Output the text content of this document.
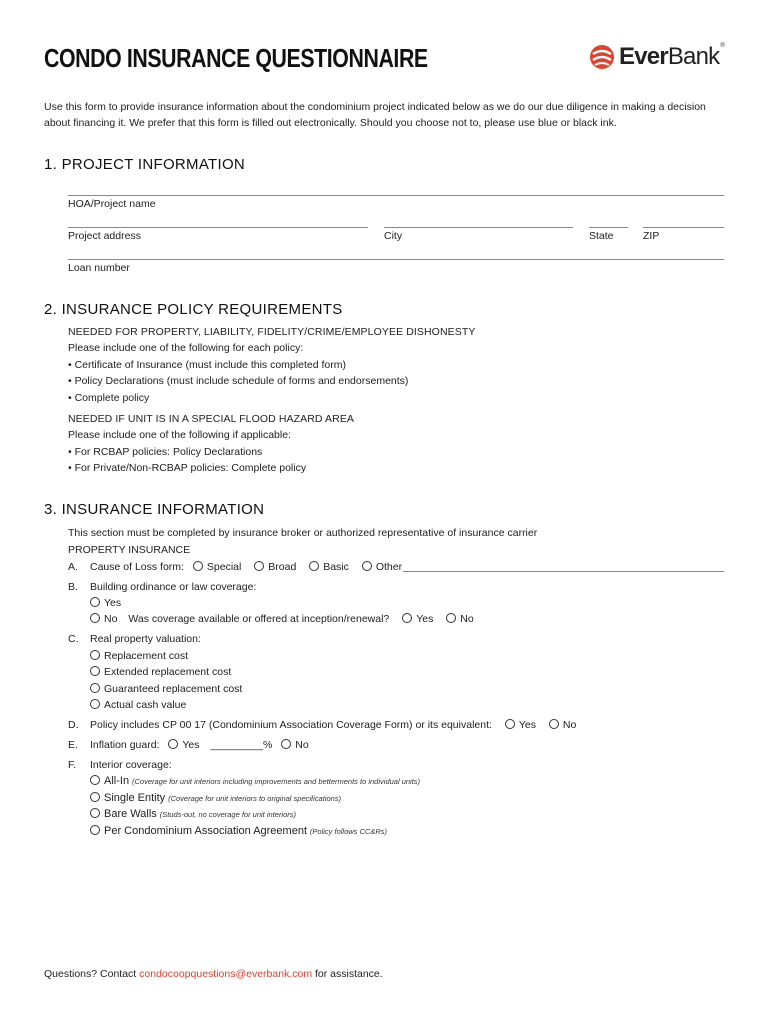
CONDO INSURANCE QUESTIONNAIRE	EverBank®
Use this form to provide insurance information about the condominium project indicated below as we do our due diligence in making a decision about financing it. We prefer that this form is filled out electronically. Should you choose not to, please use blue or black ink.
1. PROJECT INFORMATION
HOA/Project name
Project address	City	State	ZIP
Loan number
2. INSURANCE POLICY REQUIREMENTS
NEEDED FOR PROPERTY, LIABILITY, FIDELITY/CRIME/EMPLOYEE DISHONESTY
Please include one of the following for each policy:
• Certificate of Insurance (must include this completed form)
• Policy Declarations (must include schedule of forms and endorsements)
• Complete policy
NEEDED IF UNIT IS IN A SPECIAL FLOOD HAZARD AREA
Please include one of the following if applicable:
• For RCBAP policies: Policy Declarations
• For Private/Non-RCBAP policies: Complete policy
3. INSURANCE INFORMATION
This section must be completed by insurance broker or authorized representative of insurance carrier
PROPERTY INSURANCE
A. Cause of Loss form: Special	Broad	Basic	Other
B. Building ordinance or law coverage:
Yes
No Was coverage available or offered at inception/renewal?	Yes	No
C. Real property valuation:
Replacement cost
Extended replacement cost
Guaranteed replacement cost
Actual cash value
D. Policy includes CP 00 17 (Condominium Association Coverage Form) or its equivalent:	Yes	No
E. Inflation guard: Yes _________% No
F. Interior coverage:
All-In (Coverage for unit interiors including improvements and betterments to individual units)
Single Entity (Coverage for unit interiors to original specifications)
Bare Walls (Studs-out, no coverage for unit interiors)
Per Condominium Association Agreement (Policy follows CC&Rs)
Questions? Contact condocoopquestions@everbank.com for assistance.
